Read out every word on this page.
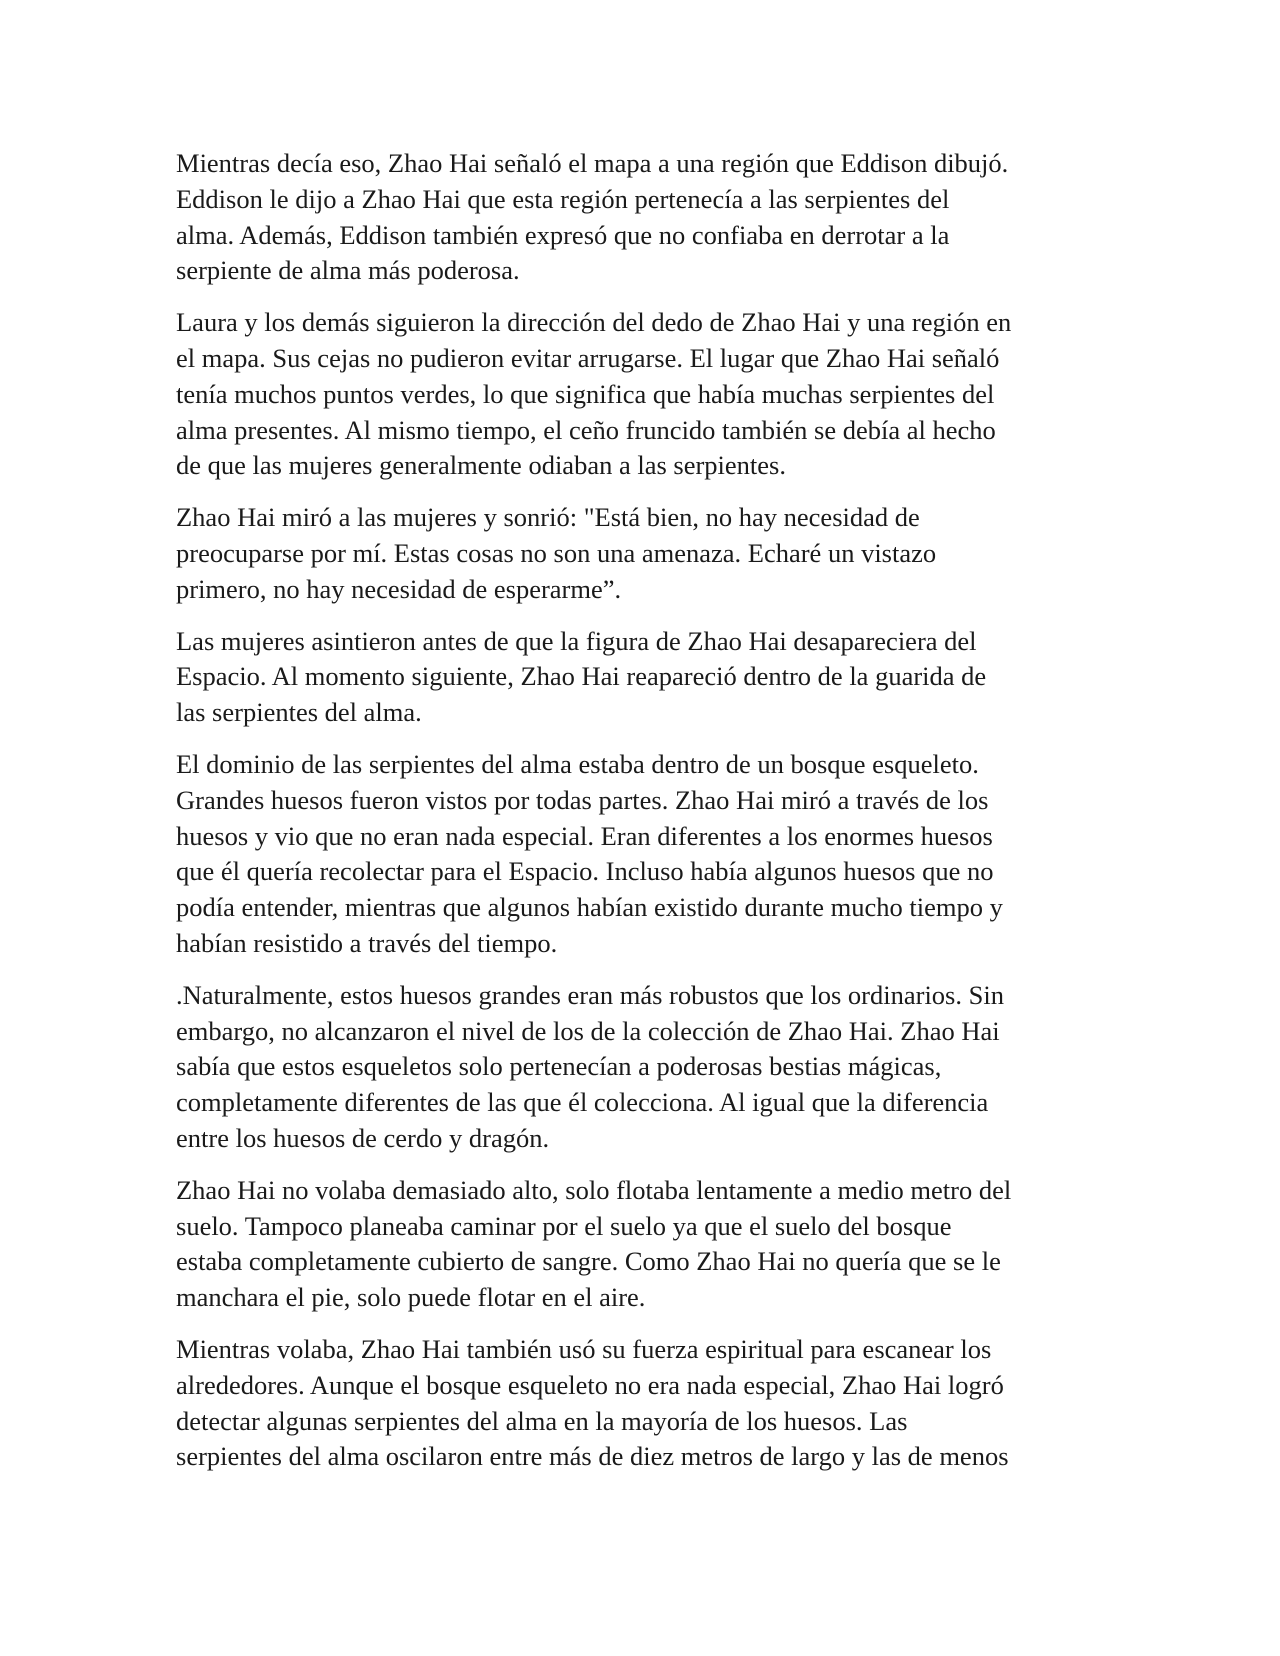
Mientras decía eso, Zhao Hai señaló el mapa a una región que Eddison dibujó.
Eddison le dijo a Zhao Hai que esta región pertenecía a las serpientes del
alma. Además, Eddison también expresó que no confiaba en derrotar a la
serpiente de alma más poderosa.

Laura y los demás siguieron la dirección del dedo de Zhao Hai y una región en
el mapa. Sus cejas no pudieron evitar arrugarse. El lugar que Zhao Hai señaló
tenía muchos puntos verdes, lo que significa que había muchas serpientes del
alma presentes. Al mismo tiempo, el ceño fruncido también se debía al hecho
de que las mujeres generalmente odiaban a las serpientes.

Zhao Hai miró a las mujeres y sonrió: "Está bien, no hay necesidad de
preocuparse por mí. Estas cosas no son una amenaza. Echaré un vistazo
primero, no hay necesidad de esperarme”.

Las mujeres asintieron antes de que la figura de Zhao Hai desapareciera del
Espacio. Al momento siguiente, Zhao Hai reapareció dentro de la guarida de
las serpientes del alma.

El dominio de las serpientes del alma estaba dentro de un bosque esqueleto.
Grandes huesos fueron vistos por todas partes. Zhao Hai miró a través de los
huesos y vio que no eran nada especial. Eran diferentes a los enormes huesos
que él quería recolectar para el Espacio. Incluso había algunos huesos que no
podía entender, mientras que algunos habían existido durante mucho tiempo y
habían resistido a través del tiempo.

.Naturalmente, estos huesos grandes eran más robustos que los ordinarios. Sin
embargo, no alcanzaron el nivel de los de la colección de Zhao Hai. Zhao Hai
sabía que estos esqueletos solo pertenecían a poderosas bestias mágicas,
completamente diferentes de las que él colecciona. Al igual que la diferencia
entre los huesos de cerdo y dragón.

Zhao Hai no volaba demasiado alto, solo flotaba lentamente a medio metro del
suelo. Tampoco planeaba caminar por el suelo ya que el suelo del bosque
estaba completamente cubierto de sangre. Como Zhao Hai no quería que se le
manchara el pie, solo puede flotar en el aire.

Mientras volaba, Zhao Hai también usó su fuerza espiritual para escanear los
alrededores. Aunque el bosque esqueleto no era nada especial, Zhao Hai logró
detectar algunas serpientes del alma en la mayoría de los huesos. Las
serpientes del alma oscilaron entre más de diez metros de largo y las de menos
